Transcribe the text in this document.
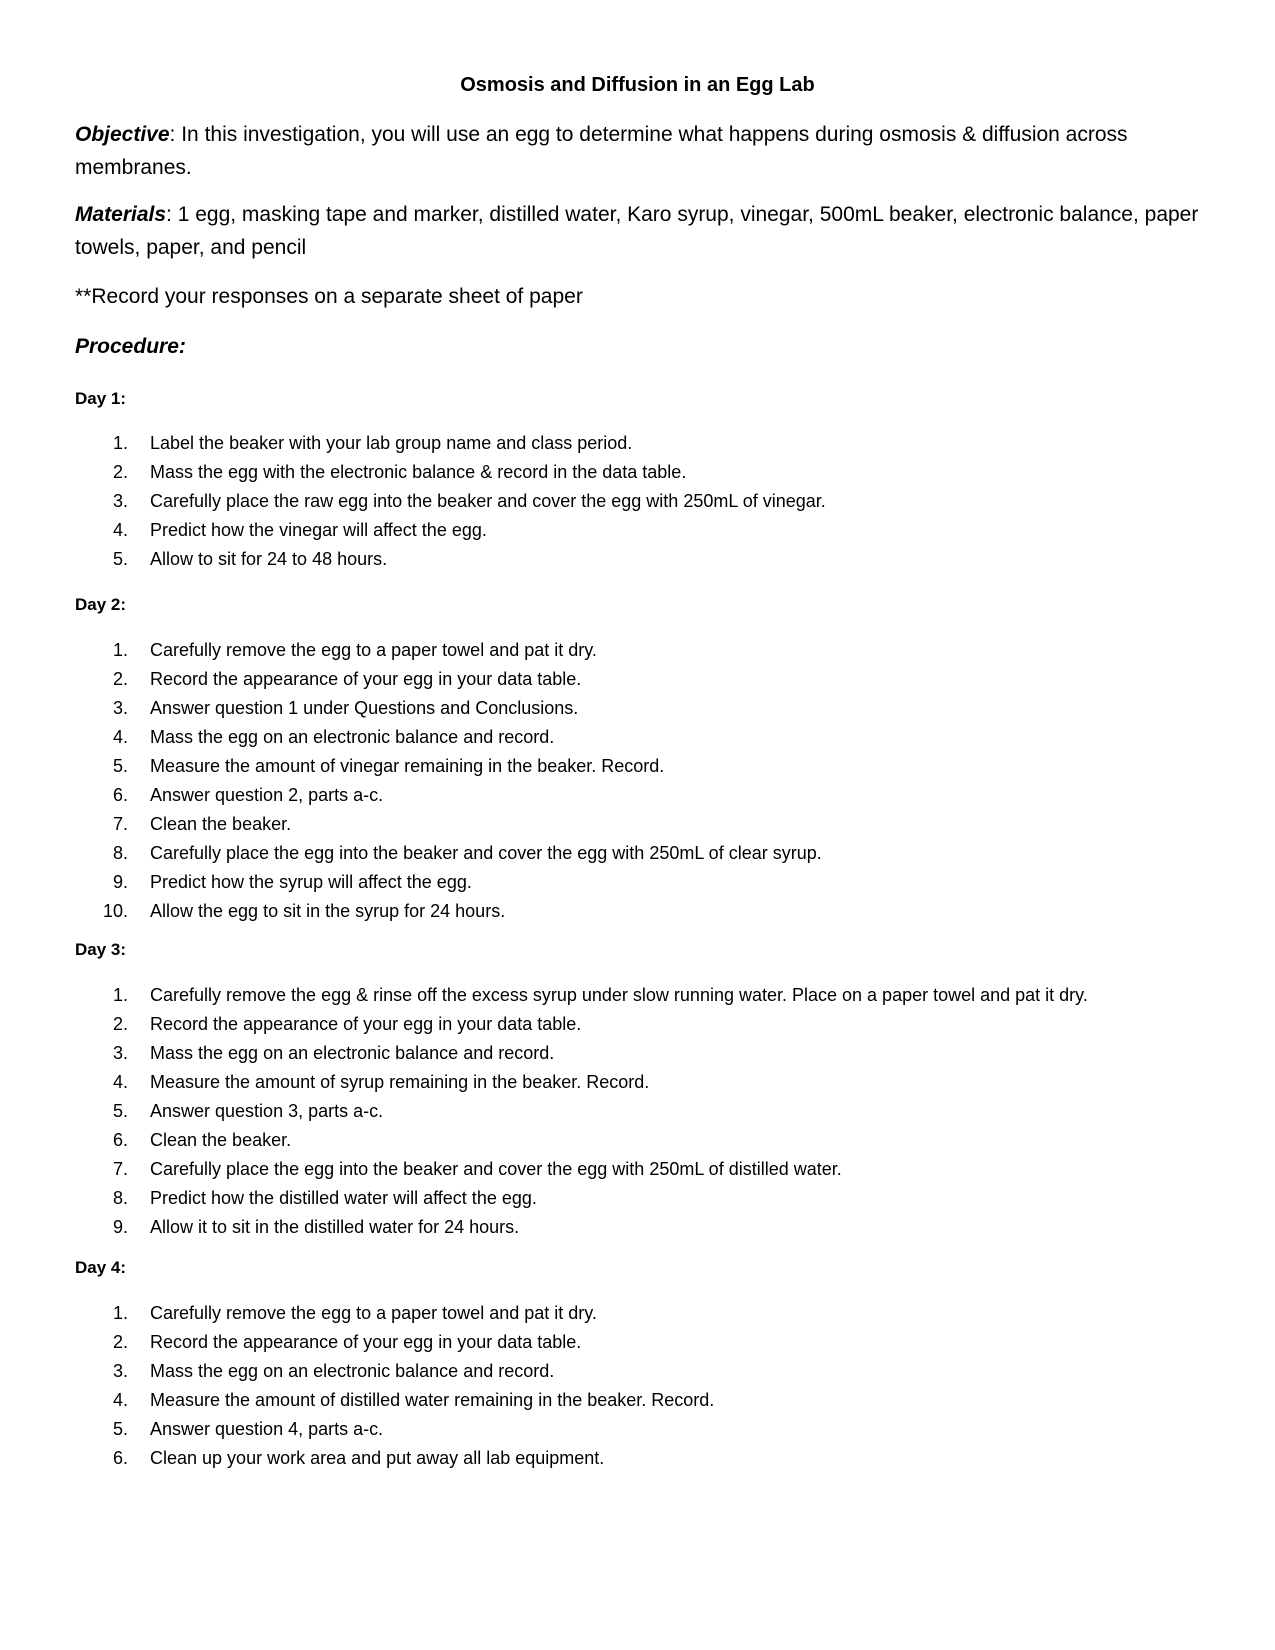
Osmosis and Diffusion in an Egg Lab
Objective: In this investigation, you will use an egg to determine what happens during osmosis & diffusion across membranes.
Materials: 1 egg, masking tape and marker, distilled water, Karo syrup, vinegar, 500mL beaker, electronic balance, paper towels, paper, and pencil
**Record your responses on a separate sheet of paper
Procedure:
Day 1:
1. Label the beaker with your lab group name and class period.
2. Mass the egg with the electronic balance & record in the data table.
3. Carefully place the raw egg into the beaker and cover the egg with 250mL of vinegar.
4. Predict how the vinegar will affect the egg.
5. Allow to sit for 24 to 48 hours.
Day 2:
1. Carefully remove the egg to a paper towel and pat it dry.
2. Record the appearance of your egg in your data table.
3. Answer question 1 under Questions and Conclusions.
4. Mass the egg on an electronic balance and record.
5. Measure the amount of vinegar remaining in the beaker. Record.
6. Answer question 2, parts a-c.
7. Clean the beaker.
8. Carefully place the egg into the beaker and cover the egg with 250mL of clear syrup.
9. Predict how the syrup will affect the egg.
10. Allow the egg to sit in the syrup for 24 hours.
Day 3:
1. Carefully remove the egg & rinse off the excess syrup under slow running water. Place on a paper towel and pat it dry.
2. Record the appearance of your egg in your data table.
3. Mass the egg on an electronic balance and record.
4. Measure the amount of syrup remaining in the beaker. Record.
5. Answer question 3, parts a-c.
6. Clean the beaker.
7. Carefully place the egg into the beaker and cover the egg with 250mL of distilled water.
8. Predict how the distilled water will affect the egg.
9. Allow it to sit in the distilled water for 24 hours.
Day 4:
1. Carefully remove the egg to a paper towel and pat it dry.
2. Record the appearance of your egg in your data table.
3. Mass the egg on an electronic balance and record.
4. Measure the amount of distilled water remaining in the beaker. Record.
5. Answer question 4, parts a-c.
6. Clean up your work area and put away all lab equipment.
